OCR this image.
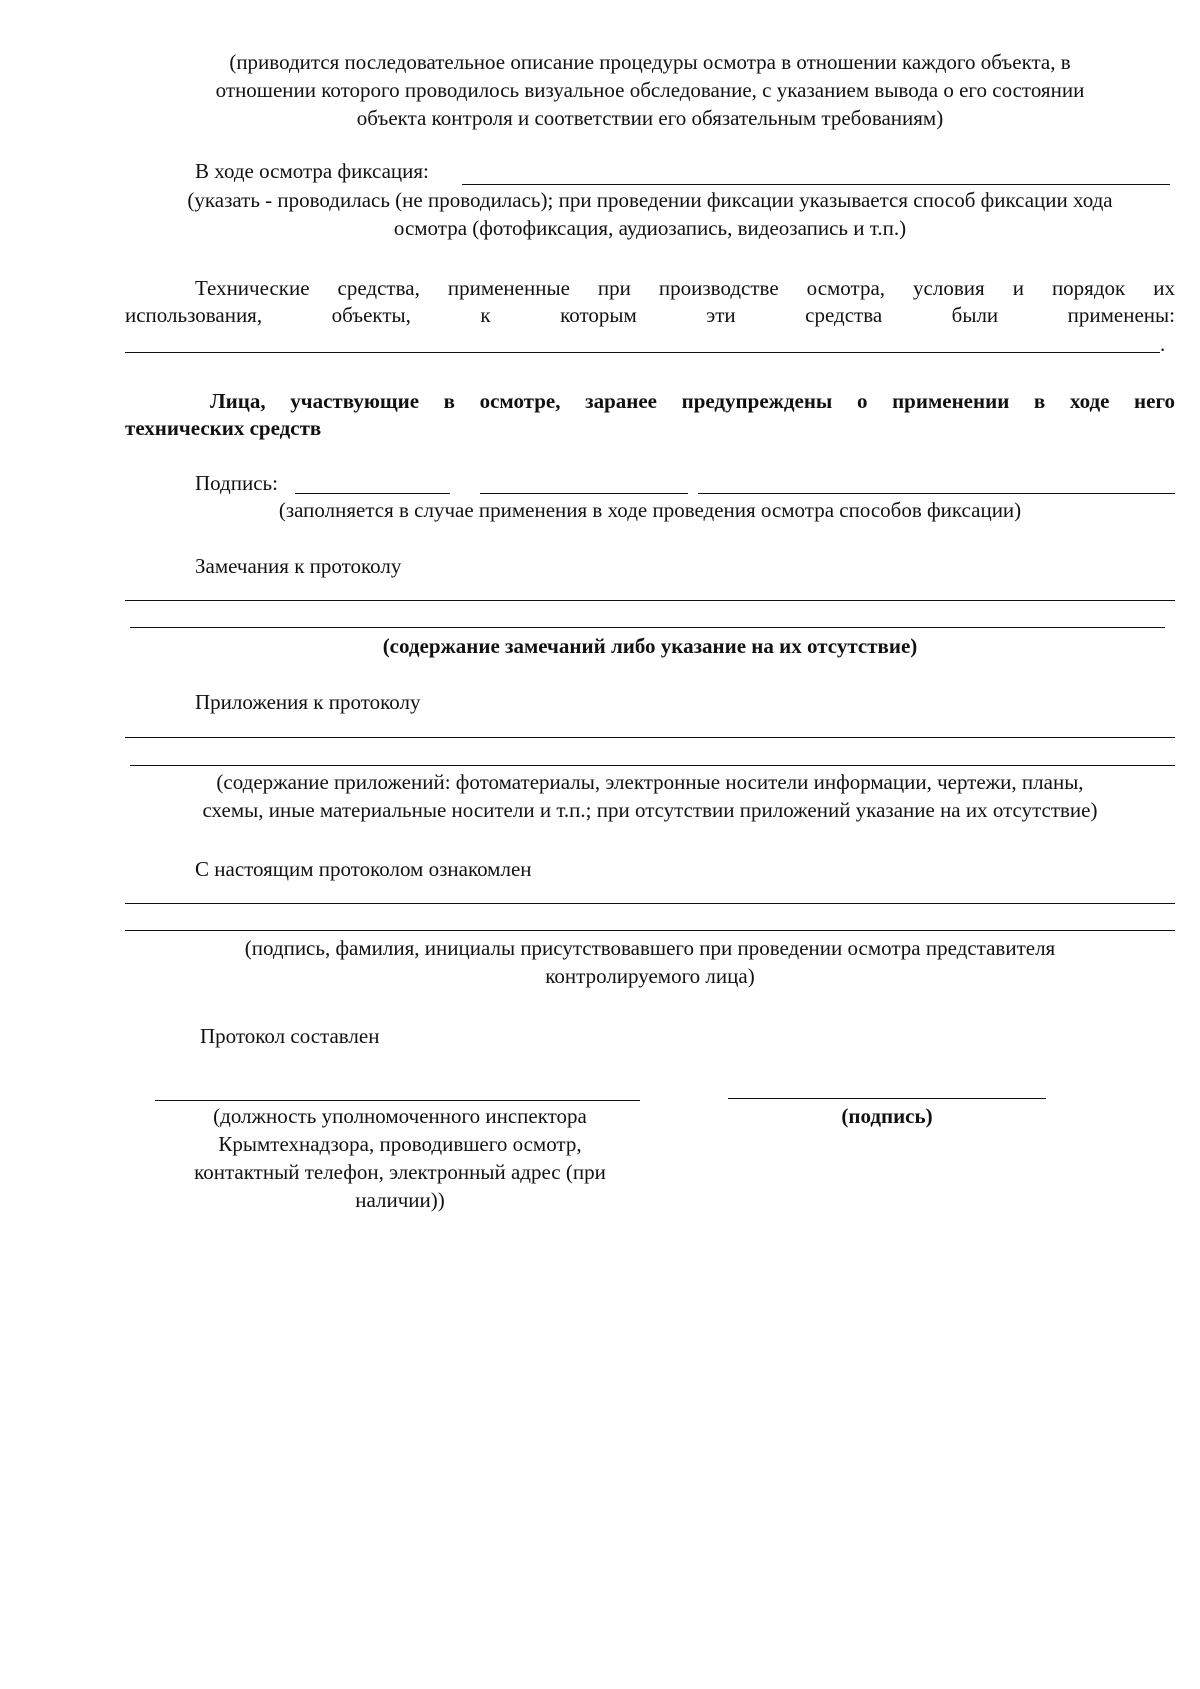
(приводится последовательное описание процедуры осмотра в отношении каждого объекта, в
отношении которого проводилось визуальное обследование, с указанием вывода о его состоянии
объекта контроля и соответствии его обязательным требованиям)
В ходе осмотра фиксация:
(указать - проводилась (не проводилась); при проведении фиксации указывается способ фиксации хода
осмотра (фотофиксация, аудиозапись, видеозапись и т.п.)
Технические средства, примененные при производстве осмотра, условия и порядок их
использования, объекты, к которым эти средства были применены:
.
Лица, участвующие в осмотре, заранее предупреждены о применении в ходе него
технических средств
Подпись:
(заполняется в случае применения в ходе проведения осмотра способов фиксации)
Замечания к протоколу
(содержание замечаний либо указание на их отсутствие)
Приложения к протоколу
(содержание приложений: фотоматериалы, электронные носители информации, чертежи, планы,
схемы, иные материальные носители и т.п.; при отсутствии приложений указание на их отсутствие)
С настоящим протоколом ознакомлен
(подпись, фамилия, инициалы присутствовавшего при проведении осмотра представителя
контролируемого лица)
Протокол составлен
(должность уполномоченного инспектора
Крымтехнадзора, проводившего осмотр,
контактный телефон, электронный адрес (при
наличии))
(подпись)
